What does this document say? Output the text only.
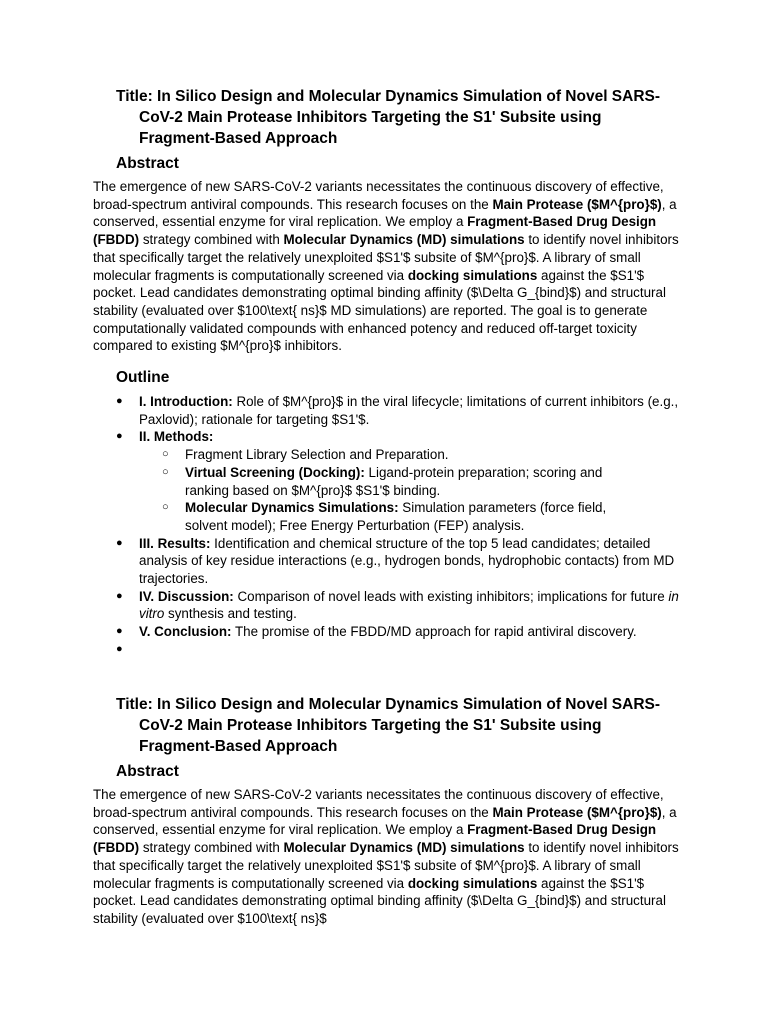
Title: In Silico Design and Molecular Dynamics Simulation of Novel SARS-CoV-2 Main Protease Inhibitors Targeting the S1' Subsite using Fragment-Based Approach

Abstract

The emergence of new SARS-CoV-2 variants necessitates the continuous discovery of effective, broad-spectrum antiviral compounds. This research focuses on the Main Protease ($M^{pro}$), a conserved, essential enzyme for viral replication. We employ a Fragment-Based Drug Design (FBDD) strategy combined with Molecular Dynamics (MD) simulations to identify novel inhibitors that specifically target the relatively unexploited $S1'$ subsite of $M^{pro}$. A library of small molecular fragments is computationally screened via docking simulations against the $S1'$ pocket. Lead candidates demonstrating optimal binding affinity ($\Delta G_{bind}$) and structural stability (evaluated over $100\text{ ns}$ MD simulations) are reported. The goal is to generate computationally validated compounds with enhanced potency and reduced off-target toxicity compared to existing $M^{pro}$ inhibitors.

Outline
● I. Introduction: Role of $M^{pro}$ in the viral lifecycle; limitations of current inhibitors (e.g., Paxlovid); rationale for targeting $S1'$.
● II. Methods:
○ Fragment Library Selection and Preparation.
○ Virtual Screening (Docking): Ligand-protein preparation; scoring and ranking based on $M^{pro}$ $S1'$ binding.
○ Molecular Dynamics Simulations: Simulation parameters (force field, solvent model); Free Energy Perturbation (FEP) analysis.
● III. Results: Identification and chemical structure of the top 5 lead candidates; detailed analysis of key residue interactions (e.g., hydrogen bonds, hydrophobic contacts) from MD trajectories.
● IV. Discussion: Comparison of novel leads with existing inhibitors; implications for future in vitro synthesis and testing.
● V. Conclusion: The promise of the FBDD/MD approach for rapid antiviral discovery.
●

Title: In Silico Design and Molecular Dynamics Simulation of Novel SARS-CoV-2 Main Protease Inhibitors Targeting the S1' Subsite using Fragment-Based Approach

Abstract

The emergence of new SARS-CoV-2 variants necessitates the continuous discovery of effective, broad-spectrum antiviral compounds. This research focuses on the Main Protease ($M^{pro}$), a conserved, essential enzyme for viral replication. We employ a Fragment-Based Drug Design (FBDD) strategy combined with Molecular Dynamics (MD) simulations to identify novel inhibitors that specifically target the relatively unexploited $S1'$ subsite of $M^{pro}$. A library of small molecular fragments is computationally screened via docking simulations against the $S1'$ pocket. Lead candidates demonstrating optimal binding affinity ($\Delta G_{bind}$) and structural stability (evaluated over $100\text{ ns}$
